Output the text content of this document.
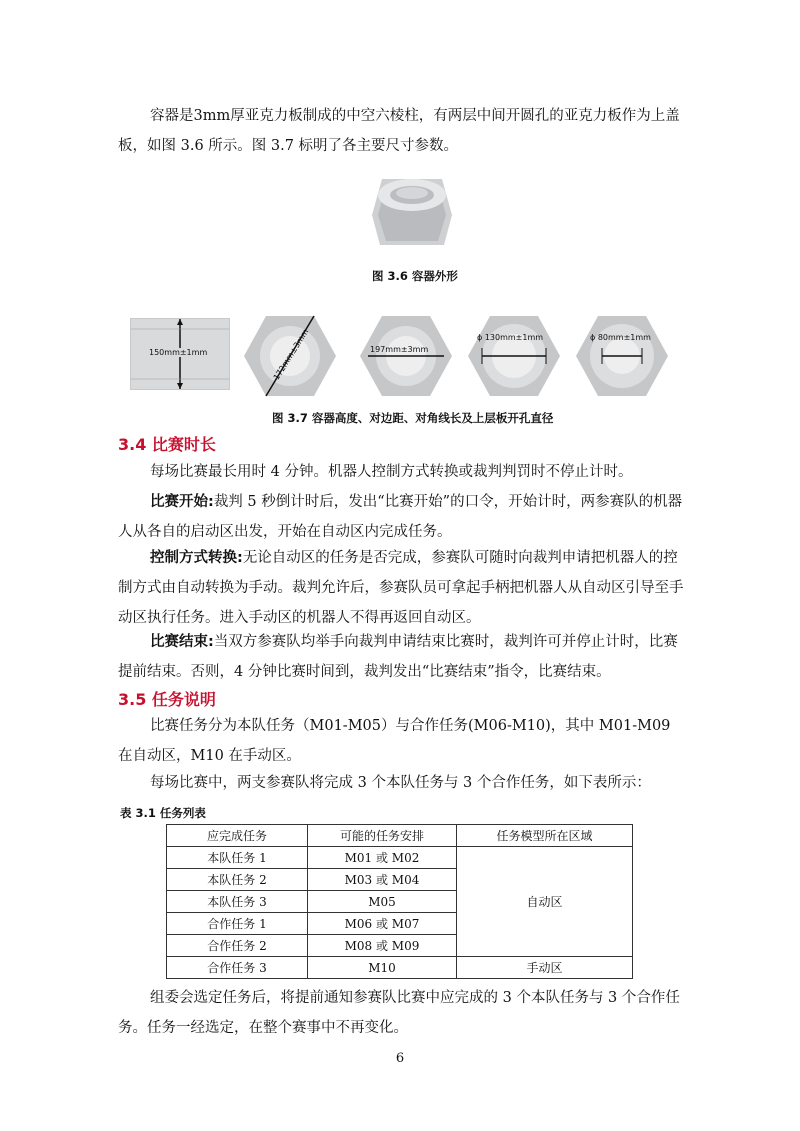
容器是3mm厚亚克力板制成的中空六棱柱，有两层中间开圆孔的亚克力板作为上盖板，如图 3.6 所示。图 3.7 标明了各主要尺寸参数。

图 3.6 容器外形
150mm±1mm	172mm±3mm	197mm±3mm
ɸ 130mm±1mm	ɸ 80mm±1mm
图 3.7 容器高度、对边距、对角线长及上层板开孔直径
3.4 比赛时长

每场比赛最长用时 4 分钟。机器人控制方式转换或裁判判罚时不停止计时。

比赛开始:裁判 5 秒倒计时后，发出“比赛开始”的口令，开始计时，两参赛队的机器人从各自的启动区出发，开始在自动区内完成任务。

控制方式转换:无论自动区的任务是否完成，参赛队可随时向裁判申请把机器人的控制方式由自动转换为手动。裁判允许后，参赛队员可拿起手柄把机器人从自动区引导至手动区执行任务。进入手动区的机器人不得再返回自动区。

比赛结束:当双方参赛队均举手向裁判申请结束比赛时，裁判许可并停止计时，比赛提前结束。否则，4 分钟比赛时间到，裁判发出“比赛结束”指令，比赛结束。

3.5 任务说明

比赛任务分为本队任务（M01-M05）与合作任务(M06-M10)，其中 M01-M09 在自动区，M10 在手动区。

每场比赛中，两支参赛队将完成 3 个本队任务与 3 个合作任务，如下表所示：

表 3.1 任务列表
应完成任务	可能的任务安排	任务模型所在区域
本队任务 1	M01 或 M02	自动区
本队任务 2	M03 或 M04	
本队任务 3	M05	
合作任务 1	M06 或 M07	
合作任务 2	M08 或 M09	
合作任务 3	M10	手动区

组委会选定任务后，将提前通知参赛队比赛中应完成的 3 个本队任务与 3 个合作任务。任务一经选定，在整个赛事中不再变化。

6
